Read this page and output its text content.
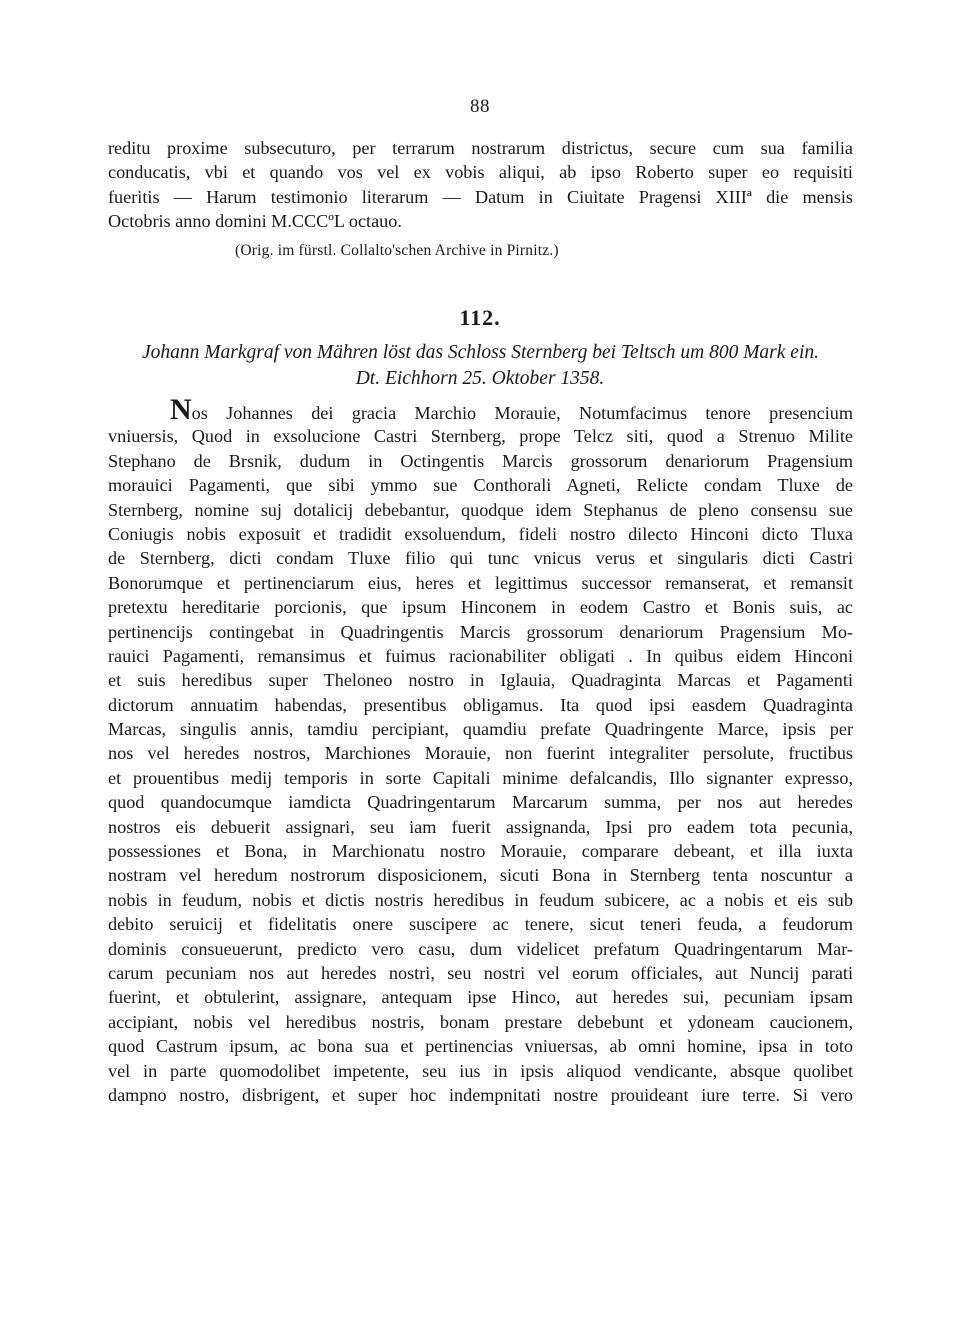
88
reditu proxime subsecuturo, per terrarum nostrarum districtus, secure cum sua familia
conducatis, vbi et quando vos vel ex vobis aliqui, ab ipso Roberto super eo requisiti
fueritis — Harum testimonio literarum — Datum in Ciuitate Pragensi XIIIª die mensis
Octobris anno domini M.CCCºL octauo.
(Orig. im fürstl. Collalto'schen Archive in Pirnitz.)
112.
Johann Markgraf von Mähren löst das Schloss Sternberg bei Teltsch um 800 Mark ein.
Dt. Eichhorn 25. Oktober 1358.
Nos Johannes dei gracia Marchio Morauie, Notumfacimus tenore presencium
vniuersis, Quod in exsolucione Castri Sternberg, prope Telcz siti, quod a Strenuo Milite
Stephano de Brsnik, dudum in Octingentis Marcis grossorum denariorum Pragensium
morauici Pagamenti, que sibi ymmo sue Conthorali Agneti, Relicte condam Tluxe de
Sternberg, nomine suj dotalicij debebantur, quodque idem Stephanus de pleno consensu sue
Coniugis nobis exposuit et tradidit exsoluendum, fideli nostro dilecto Hinconi dicto Tluxa
de Sternberg, dicti condam Tluxe filio qui tunc vnicus verus et singularis dicti Castri
Bonorumque et pertinenciarum eius, heres et legittimus successor remanserat, et remansit
pretextu hereditarie porcionis, que ipsum Hinconem in eodem Castro et Bonis suis, ac
pertinencijs contingebat in Quadringentis Marcis grossorum denariorum Pragensium Mo-
rauici Pagamenti, remansimus et fuimus racionabiliter obligati . In quibus eidem Hinconi
et suis heredibus super Theloneo nostro in Iglauia, Quadraginta Marcas et Pagamenti
dictorum annuatim habendas, presentibus obligamus. Ita quod ipsi easdem Quadraginta
Marcas, singulis annis, tamdiu percipiant, quamdiu prefate Quadringente Marce, ipsis per
nos vel heredes nostros, Marchiones Morauie, non fuerint integraliter persolute, fructibus
et prouentibus medij temporis in sorte Capitali minime defalcandis, Illo signanter expresso,
quod quandocumque iamdicta Quadringentarum Marcarum summa, per nos aut heredes
nostros eis debuerit assignari, seu iam fuerit assignanda, Ipsi pro eadem tota pecunia,
possessiones et Bona, in Marchionatu nostro Morauie, comparare debeant, et illa iuxta
nostram vel heredum nostrorum disposicionem, sicuti Bona in Sternberg tenta noscuntur a
nobis in feudum, nobis et dictis nostris heredibus in feudum subicere, ac a nobis et eis sub
debito seruicij et fidelitatis onere suscipere ac tenere, sicut teneri feuda, a feudorum
dominis consueuerunt, predicto vero casu, dum videlicet prefatum Quadringentarum Mar-
carum pecuniam nos aut heredes nostri, seu nostri vel eorum officiales, aut Nuncij parati
fuerint, et obtulerint, assignare, antequam ipse Hinco, aut heredes sui, pecuniam ipsam
accipiant, nobis vel heredibus nostris, bonam prestare debebunt et ydoneam caucionem,
quod Castrum ipsum, ac bona sua et pertinencias vniuersas, ab omni homine, ipsa in toto
vel in parte quomodolibet impetente, seu ius in ipsis aliquod vendicante, absque quolibet
dampno nostro, disbrigent, et super hoc indempnitati nostre prouideant iure terre. Si vero
